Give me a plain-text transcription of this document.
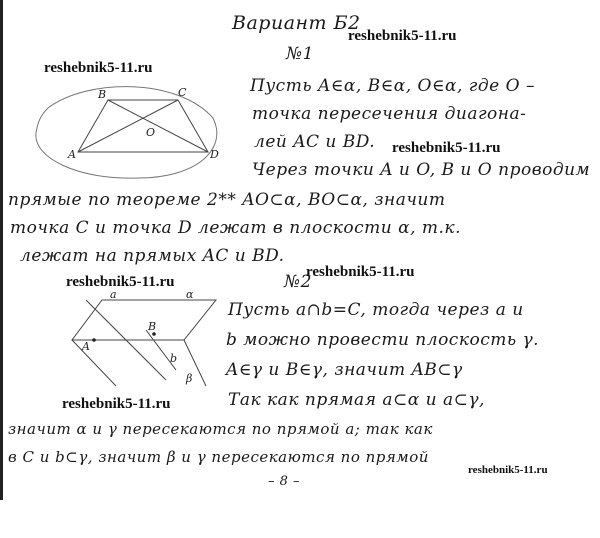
Вариант Б2
№1
B	C
O
A	D
Пусть A∈α, B∈α, O∈α, где O –
точка пересечения диагона-
лей AC и BD.
Через точки A и O, B и O проводим
прямые по теореме 2** AO⊂α, BO⊂α, значит
точка C и точка D лежат в плоскости α, т.к.
лежат на прямых AC и BD.
№2
a	α
B
A
b
β
Пусть a∩b=C, тогда через a и
b можно провести плоскость γ.
A∈γ и B∈γ, значит AB⊂γ
Так как прямая a⊂α и a⊂γ,
значит α и γ пересекаются по прямой a; так как
в C и b⊂γ, значит β и γ пересекаются по прямой
– 8 –
reshebnik5-11.ru
reshebnik5-11.ru
reshebnik5-11.ru
reshebnik5-11.ru
reshebnik5-11.ru
reshebnik5-11.ru
reshebnik5-11.ru
